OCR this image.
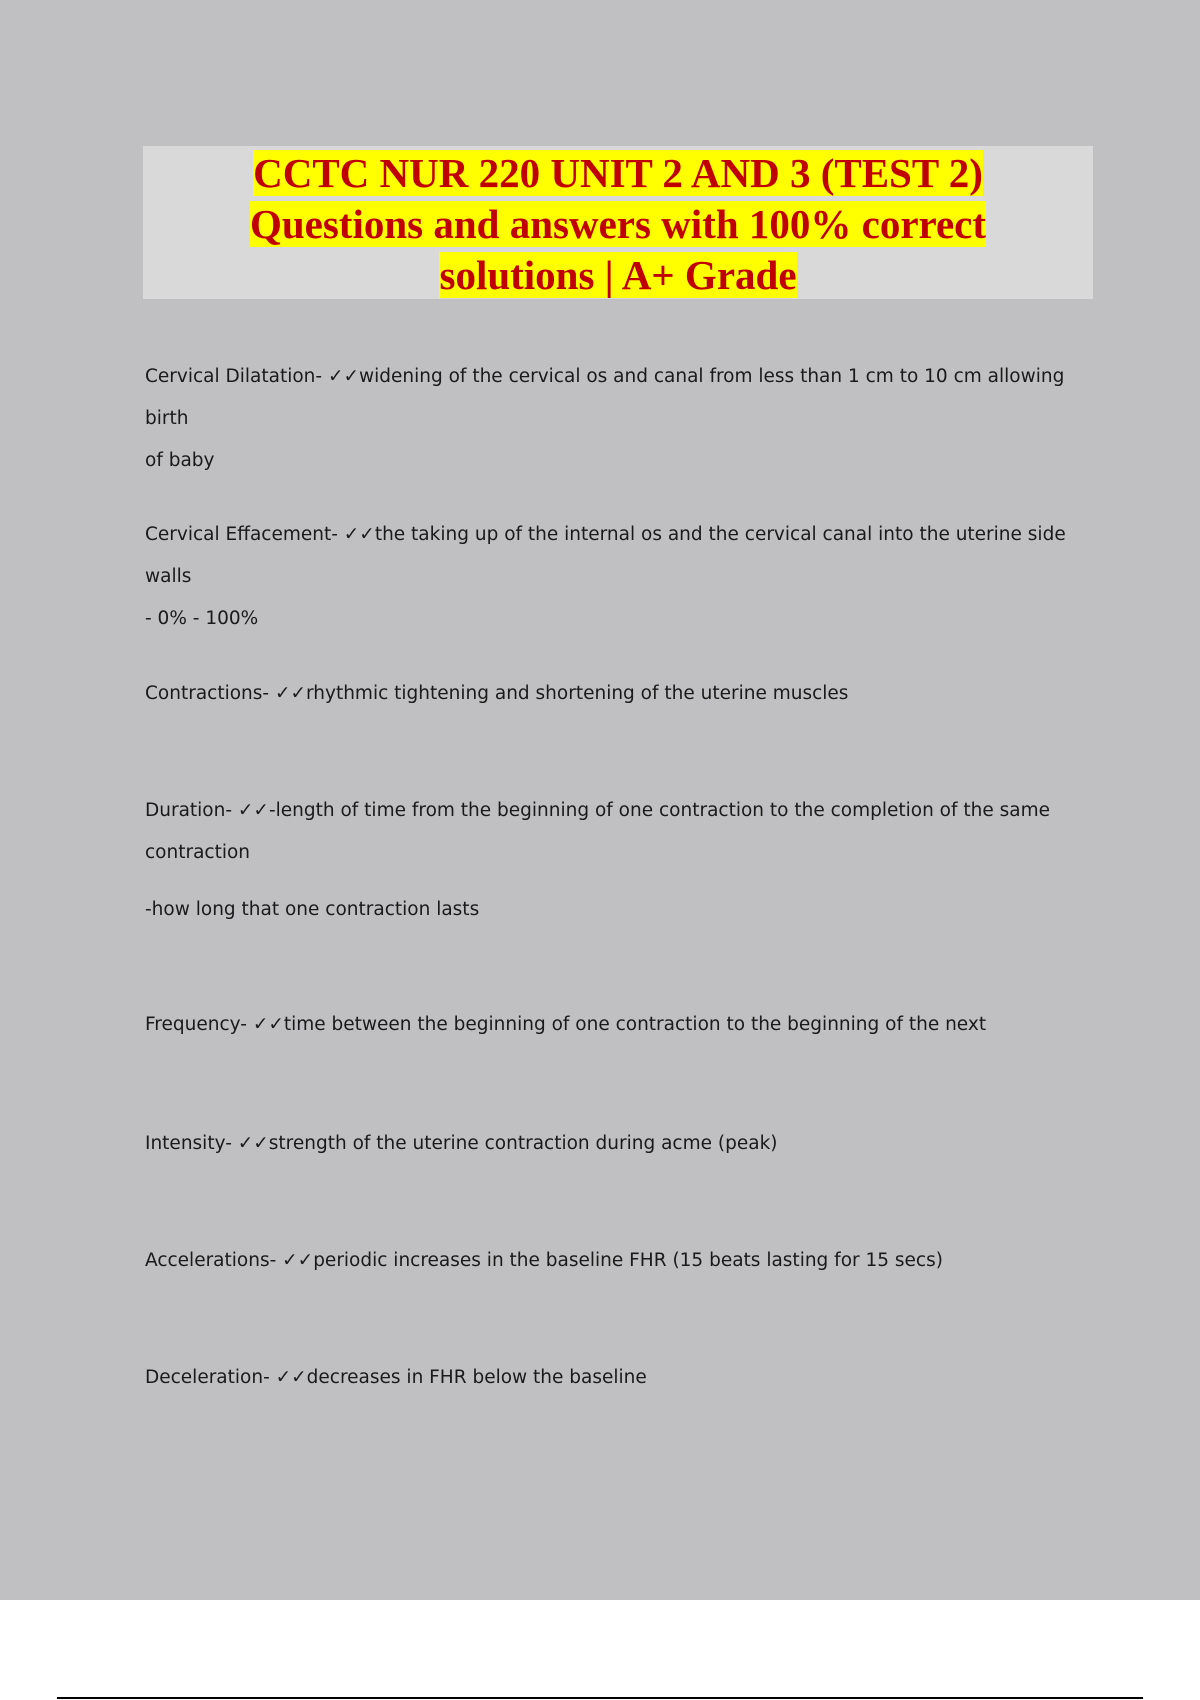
CCTC NUR 220 UNIT 2 AND 3 (TEST 2)
Questions and answers with 100% correct
solutions | A+ Grade

Cervical Dilatation- ✓✓widening of the cervical os and canal from less than 1 cm to 10 cm allowing birth
of baby

Cervical Effacement- ✓✓the taking up of the internal os and the cervical canal into the uterine side walls
- 0% - 100%

Contractions- ✓✓rhythmic tightening and shortening of the uterine muscles

Duration- ✓✓-length of time from the beginning of one contraction to the completion of the same
contraction

-how long that one contraction lasts

Frequency- ✓✓time between the beginning of one contraction to the beginning of the next

Intensity- ✓✓strength of the uterine contraction during acme (peak)

Accelerations- ✓✓periodic increases in the baseline FHR (15 beats lasting for 15 secs)

Deceleration- ✓✓decreases in FHR below the baseline
